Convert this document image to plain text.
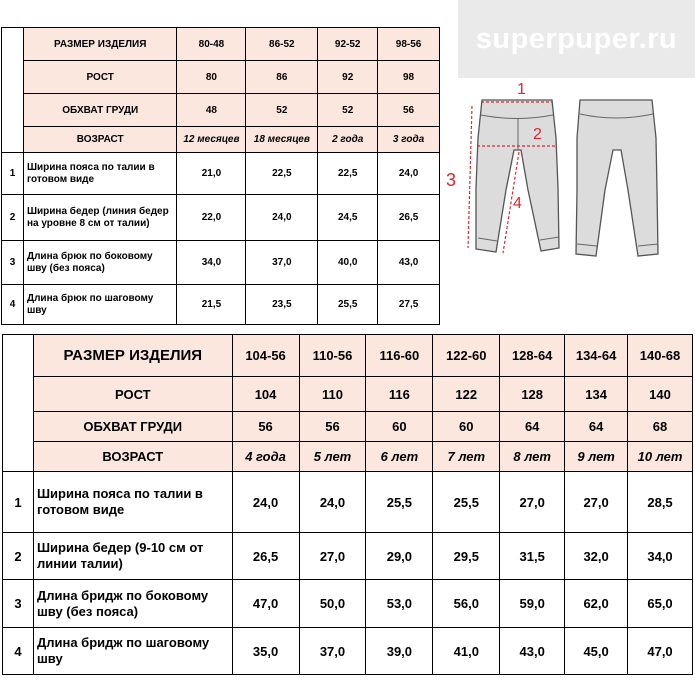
superpuper.ru
	РАЗМЕР ИЗДЕЛИЯ	80-48	86-52	92-52	98-56
	РОСТ	80	86	92	98
	ОБХВАТ ГРУДИ	48	52	52	56
	ВОЗРАСТ	12 месяцев	18 месяцев	2 года	3 года
1	Ширина пояса по талии в готовом виде	21,0	22,5	22,5	24,0
2	Ширина бедер (линия бедер на уровне 8 см от талии)	22,0	24,0	24,5	26,5
3	Длина брюк по боковому шву (без пояса)	34,0	37,0	40,0	43,0
4	Длина брюк по шаговому шву	21,5	23,5	25,5	27,5
1
2
3
4
	РАЗМЕР ИЗДЕЛИЯ	104-56	110-56	116-60	122-60	128-64	134-64	140-68
	РОСТ	104	110	116	122	128	134	140
	ОБХВАТ ГРУДИ	56	56	60	60	64	64	68
	ВОЗРАСТ	4 года	5 лет	6 лет	7 лет	8 лет	9 лет	10 лет
1	Ширина пояса по талии в готовом виде	24,0	24,0	25,5	25,5	27,0	27,0	28,5
2	Ширина бедер (9-10 см от линии талии)	26,5	27,0	29,0	29,5	31,5	32,0	34,0
3	Длина бридж по боковому шву (без пояса)	47,0	50,0	53,0	56,0	59,0	62,0	65,0
4	Длина бридж по шаговому шву	35,0	37,0	39,0	41,0	43,0	45,0	47,0
